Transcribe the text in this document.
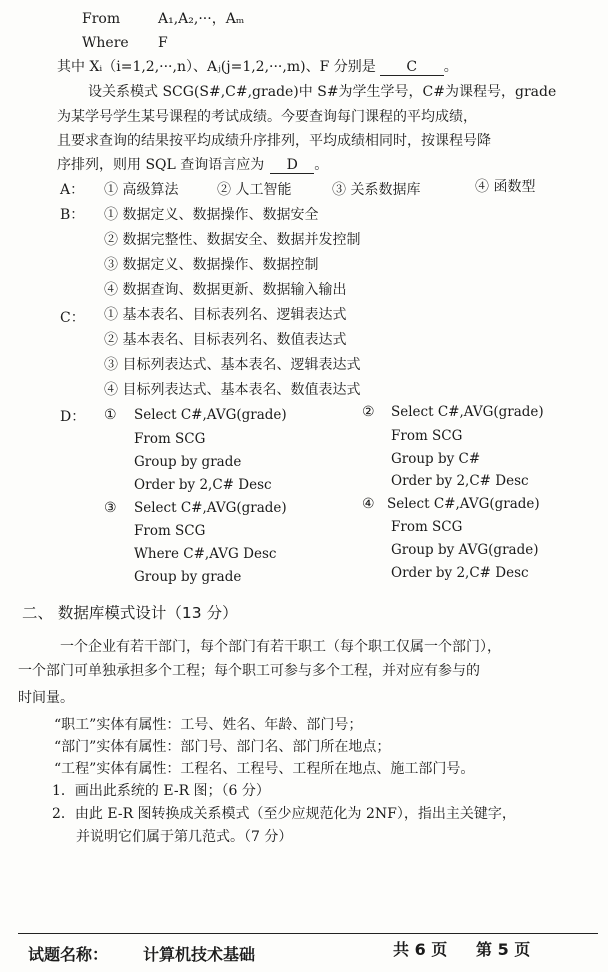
From	A₁,A₂,···，Aₘ
Where F
其中 Xᵢ（i=1,2,···,n）、Aⱼ(j=1,2,···,m)、F 分别是 C 。
设关系模式 SCG(S#,C#,grade)中 S#为学生学号，C#为课程号，grade
为某学号学生某号课程的考试成绩。今要查询每门课程的平均成绩，
且要求查询的结果按平均成绩升序排列，平均成绩相同时，按课程号降
序排列，则用 SQL 查询语言应为 D 。
A： ① 高级算法	② 人工智能	③ 关系数据库	④ 函数型
B： ① 数据定义、数据操作、数据安全
② 数据完整性、数据安全、数据并发控制
③ 数据定义、数据操作、数据控制
④ 数据查询、数据更新、数据输入输出
C： ① 基本表名、目标表列名、逻辑表达式
② 基本表名、目标表列名、数值表达式
③ 目标列表达式、基本表名、逻辑表达式
④ 目标列表达式、基本表名、数值表达式
D： ① Select C#,AVG(grade)
From SCG
Group by grade
Order by 2,C# Desc
② Select C#,AVG(grade)
From SCG
Group by C#
Order by 2,C# Desc
③ Select C#,AVG(grade)
From SCG
Where C#,AVG Desc
Group by grade
④ Select C#,AVG(grade)
From SCG
Group by AVG(grade)
Order by 2,C# Desc
二、 数据库模式设计（13 分）
一个企业有若干部门，每个部门有若干职工（每个职工仅属一个部门），
一个部门可单独承担多个工程；每个职工可参与多个工程，并对应有参与的
时间量。
“职工”实体有属性：工号、姓名、年龄、部门号；
“部门”实体有属性：部门号、部门名、部门所在地点；
“工程”实体有属性：工程名、工程号、工程所在地点、施工部门号。
1．画出此系统的 E-R 图；（6 分）
2．由此 E-R 图转换成关系模式（至少应规范化为 2NF），指出主关键字，
并说明它们属于第几范式。（7 分）
试题名称： 计算机技术基础	共 6 页 第 5 页
